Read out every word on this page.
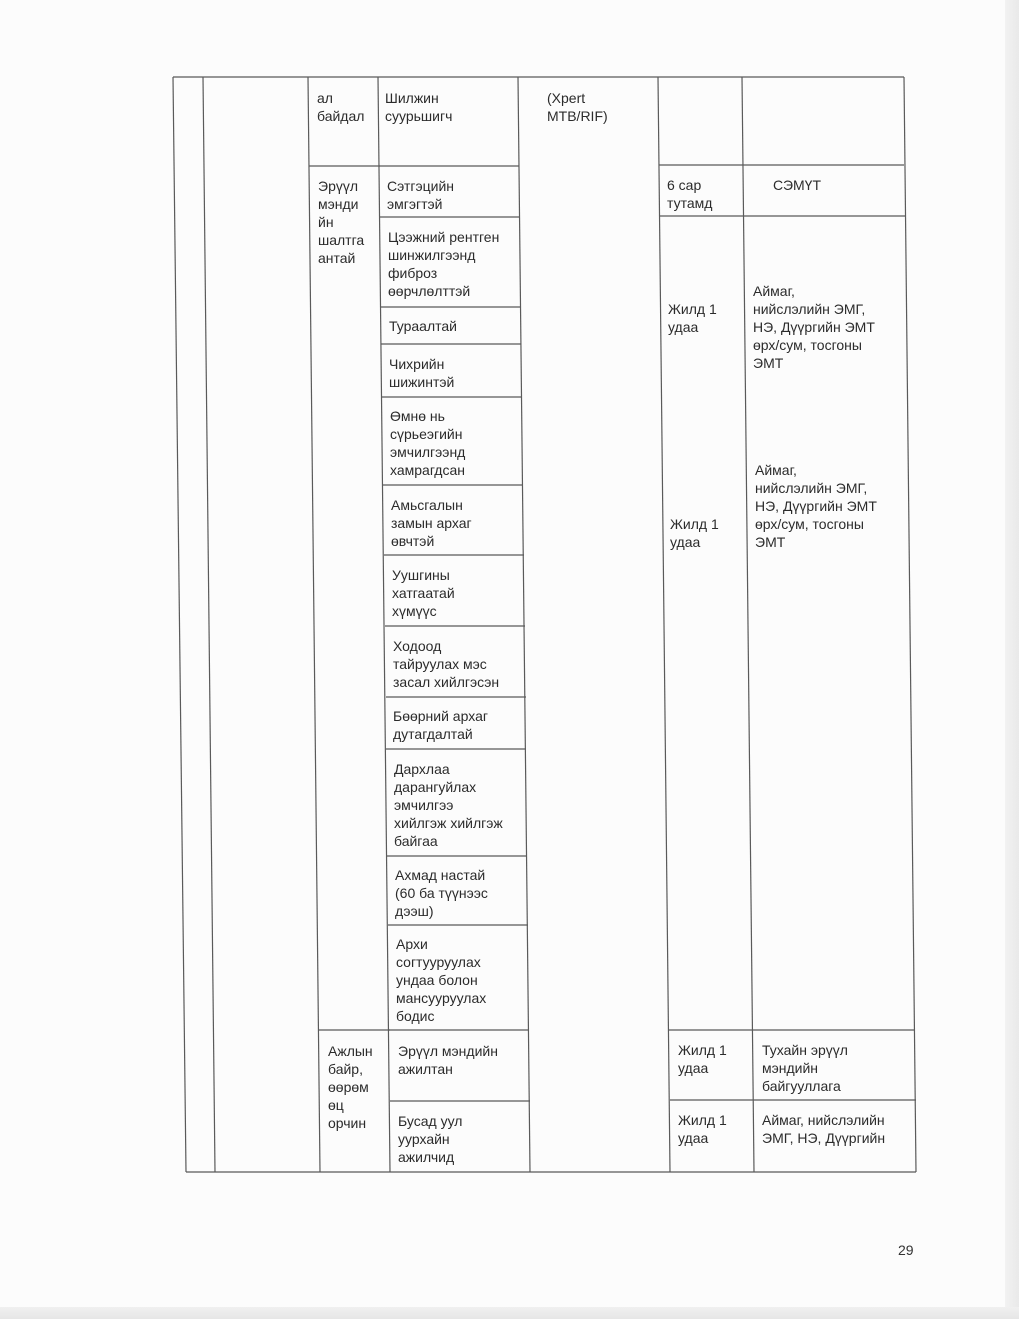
ал
байдал
Шилжин
суурьшигч
(Xpert
MTB/RIF)
Эрүүл
мэнди
йн
шалтга
антай
Сэтгэцийн
эмгэгтэй
Цээжний рентген
шинжилгээнд
фиброз
өөрчлөлттэй
Тураалтай
Чихрийн
шижинтэй
Өмнө нь
сүрьеэгийн
эмчилгээнд
хамрагдсан
Амьсгалын
замын архаг
өвчтэй
Уушгины
хатгаатай
хүмүүс
Ходоод
тайруулах мэс
засал хийлгэсэн
Бөөрний архаг
дутагдалтай
Дархлаа
дарангуйлах
эмчилгээ
хийлгэж хийлгэж
байгаа
Ахмад настай
(60 ба түүнээс
дээш)
Архи
согтууруулах
ундаа болон
мансууруулах
бодис
6 сар
тутамд
СЭМҮТ
Жилд 1
удаа
Аймаг,
нийслэлийн ЭМГ,
НЭ, Дүүргийн ЭМТ
өрх/сум, тосгоны
ЭМТ
Жилд 1
удаа
Аймаг,
нийслэлийн ЭМГ,
НЭ, Дүүргийн ЭМТ
өрх/сум, тосгоны
ЭМТ
Ажлын
байр,
өөрөм
өц
орчин
Эрүүл мэндийн
ажилтан
Бусад уул
уурхайн
ажилчид
Жилд 1
удаа
Жилд 1
удаа
Тухайн эрүүл
мэндийн
байгууллага
Аймаг, нийслэлийн
ЭМГ, НЭ, Дүүргийн
29
